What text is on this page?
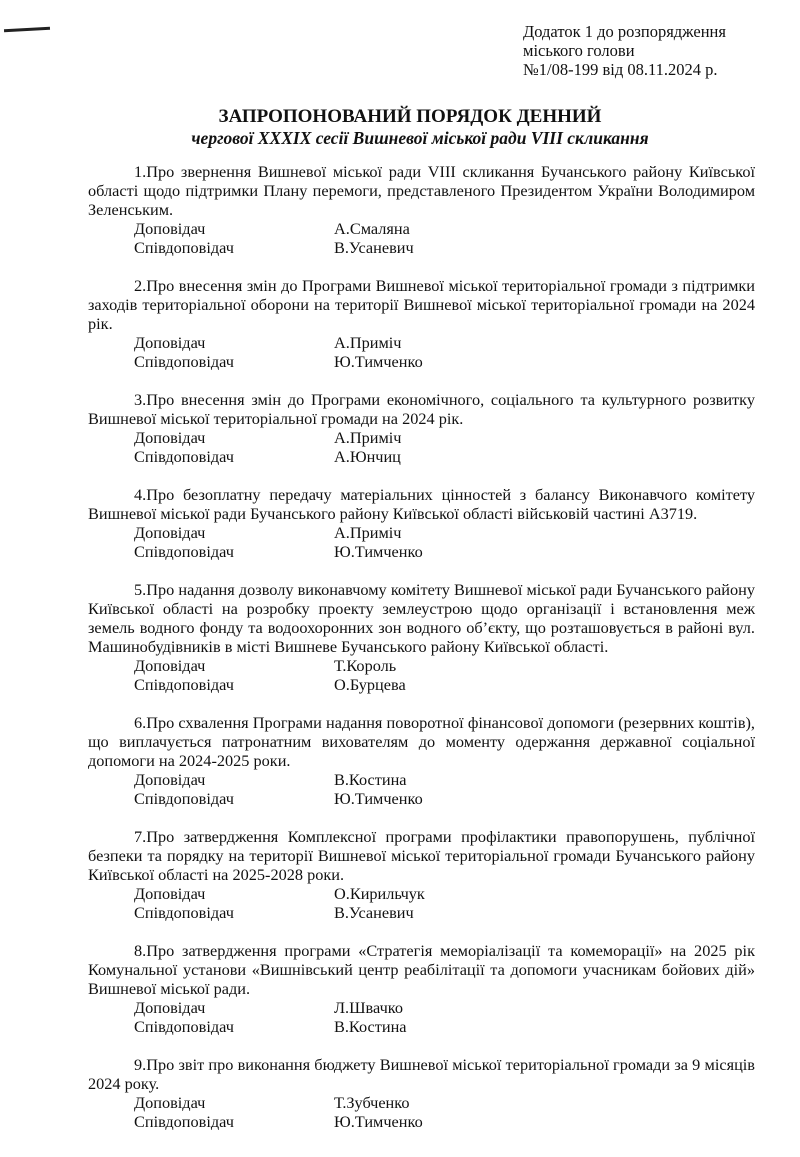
Додаток 1 до розпорядження
міського голови
№1/08-199 від 08.11.2024 р.
ЗАПРОПОНОВАНИЙ ПОРЯДОК ДЕННИЙ
чергової XXXIX сесії Вишневої міської ради VIII скликання

1.Про звернення Вишневої міської ради VIII скликання Бучанського району Київської області щодо підтримки Плану перемоги, представленого Президентом України Володимиром Зеленським.

Доповідач	А.Смаляна
Співдоповідач	В.Усаневич

2.Про внесення змін до Програми Вишневої міської територіальної громади з підтримки заходів територіальної оборони на території Вишневої міської територіальної громади на 2024 рік.

Доповідач	А.Приміч
Співдоповідач	Ю.Тимченко

3.Про внесення змін до Програми економічного, соціального та культурного розвитку Вишневої міської територіальної громади на 2024 рік.

Доповідач	А.Приміч
Співдоповідач	А.Юнчиц

4.Про безоплатну передачу матеріальних цінностей з балансу Виконавчого комітету Вишневої міської ради Бучанського району Київської області військовій частині А3719.

Доповідач	А.Приміч
Співдоповідач	Ю.Тимченко

5.Про надання дозволу виконавчому комітету Вишневої міської ради Бучанського району Київської області на розробку проекту землеустрою щодо організації і встановлення меж земель водного фонду та водоохоронних зон водного об’єкту, що розташовується в районі вул. Машинобудівників в місті Вишневе Бучанського району Київської області.

Доповідач	Т.Король
Співдоповідач	О.Бурцева

6.Про схвалення Програми надання поворотної фінансової допомоги (резервних коштів), що виплачується патронатним вихователям до моменту одержання державної соціальної допомоги на 2024-2025 роки.

Доповідач	В.Костина
Співдоповідач	Ю.Тимченко

7.Про затвердження Комплексної програми профілактики правопорушень, публічної безпеки та порядку на території Вишневої міської територіальної громади Бучанського району Київської області на 2025-2028 роки.

Доповідач	О.Кирильчук
Співдоповідач	В.Усаневич

8.Про затвердження програми «Стратегія меморіалізації та комеморації» на 2025 рік Комунальної установи «Вишнівський центр реабілітації та допомоги учасникам бойових дій» Вишневої міської ради.

Доповідач	Л.Швачко
Співдоповідач	В.Костина

9.Про звіт про виконання бюджету Вишневої міської територіальної громади за 9 місяців 2024 року.

Доповідач	Т.Зубченко
Співдоповідач	Ю.Тимченко
